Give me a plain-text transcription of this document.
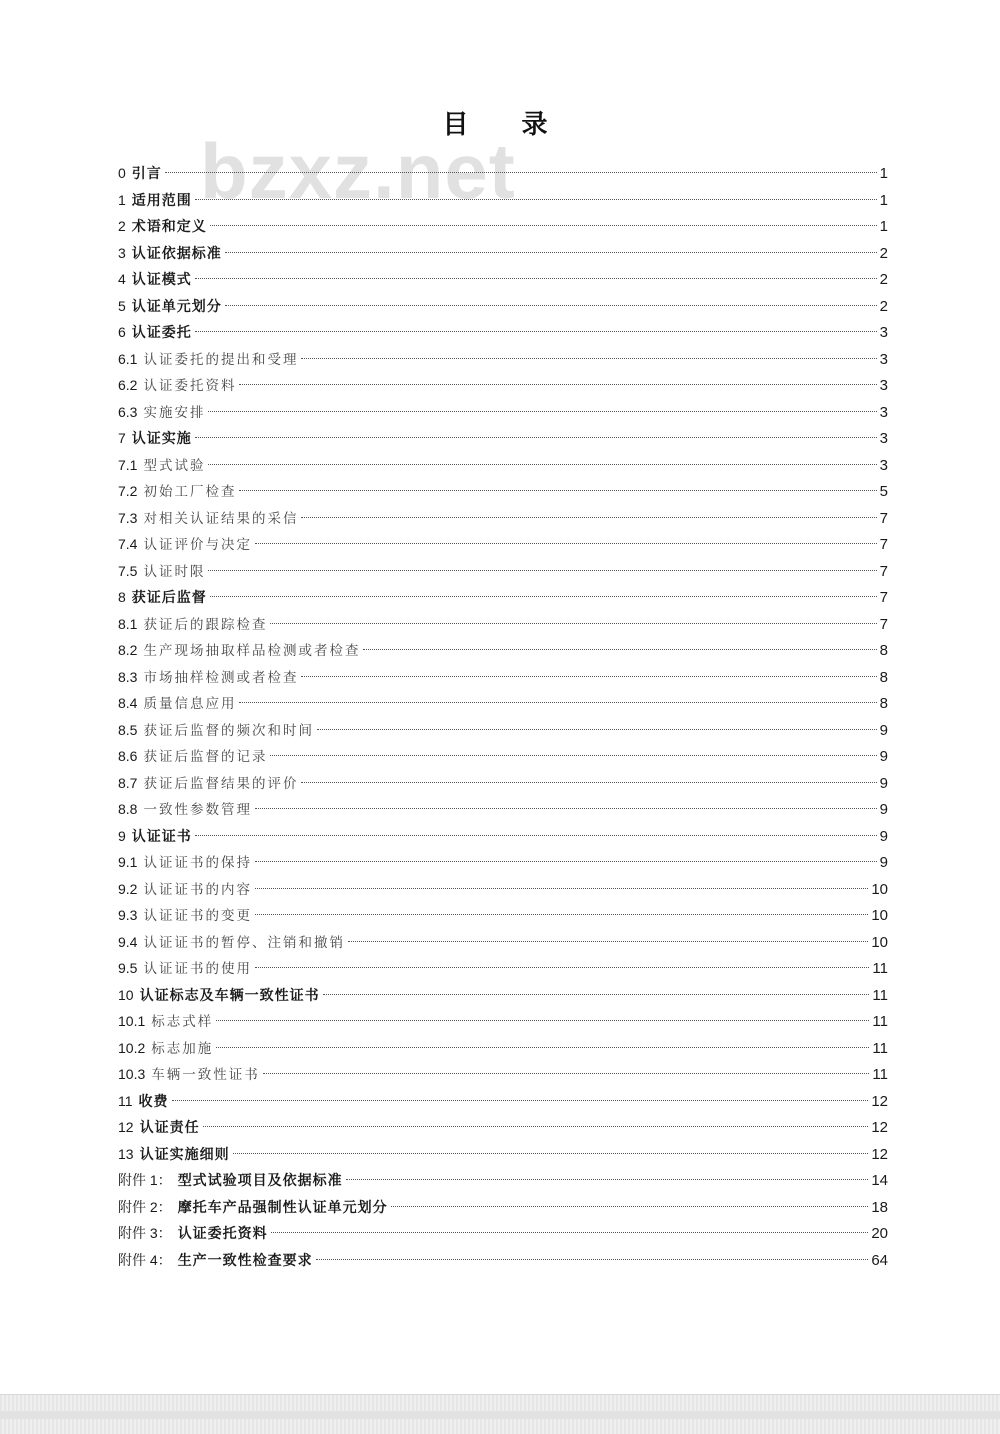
bzxz.net
目 录
0 引言	1
1 适用范围	1
2 术语和定义	1
3 认证依据标准	2
4 认证模式	2
5 认证单元划分	2
6 认证委托	3
6.1 认证委托的提出和受理	3
6.2 认证委托资料	3
6.3 实施安排	3
7 认证实施	3
7.1 型式试验	3
7.2 初始工厂检查	5
7.3 对相关认证结果的采信	7
7.4 认证评价与决定	7
7.5 认证时限	7
8 获证后监督	7
8.1 获证后的跟踪检查	7
8.2 生产现场抽取样品检测或者检查	8
8.3 市场抽样检测或者检查	8
8.4 质量信息应用	8
8.5 获证后监督的频次和时间	9
8.6 获证后监督的记录	9
8.7 获证后监督结果的评价	9
8.8 一致性参数管理	9
9 认证证书	9
9.1 认证证书的保持	9
9.2 认证证书的内容	10
9.3 认证证书的变更	10
9.4 认证证书的暂停、注销和撤销	10
9.5 认证证书的使用	11
10 认证标志及车辆一致性证书	11
10.1 标志式样	11
10.2 标志加施	11
10.3 车辆一致性证书	11
11 收费	12
12 认证责任	12
13 认证实施细则	12
附件 1： 型式试验项目及依据标准	14
附件 2： 摩托车产品强制性认证单元划分	18
附件 3： 认证委托资料	20
附件 4： 生产一致性检查要求	64
